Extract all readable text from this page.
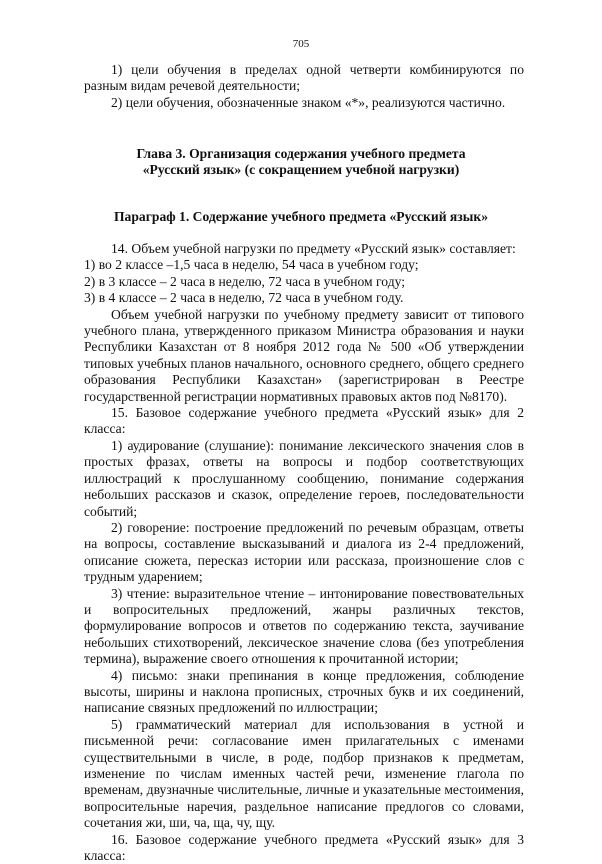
705

1) цели обучения в пределах одной четверти комбинируются по разным видам речевой деятельности;

2) цели обучения, обозначенные знаком «*», реализуются частично.

Глава 3. Организация содержания учебного предмета
«Русский язык» (с сокращением учебной нагрузки)
Параграф 1. Содержание учебного предмета «Русский язык»

14. Объем учебной нагрузки по предмету «Русский язык» составляет:

1) во 2 классе –1,5 часа в неделю, 54 часа в учебном году;

2) в 3 классе – 2 часа в неделю, 72 часа в учебном году;

3) в 4 классе – 2 часа в неделю, 72 часа в учебном году.

Объем учебной нагрузки по учебному предмету зависит от типового учебного плана, утвержденного приказом Министра образования и науки Республики Казахстан от 8 ноября 2012 года № 500 «Об утверждении типовых учебных планов начального, основного среднего, общего среднего образования Республики Казахстан» (зарегистрирован в Реестре государственной регистрации нормативных правовых актов под №8170).

15. Базовое содержание учебного предмета «Русский язык» для 2 класса:

1) аудирование (слушание): понимание лексического значения слов в простых фразах, ответы на вопросы и подбор соответствующих иллюстраций к прослушанному сообщению, понимание содержания небольших рассказов и сказок, определение героев, последовательности событий;

2) говорение: построение предложений по речевым образцам, ответы на вопросы, составление высказываний и диалога из 2-4 предложений, описание сюжета, пересказ истории или рассказа, произношение слов с трудным ударением;

3) чтение: выразительное чтение – интонирование повествовательных и вопросительных предложений, жанры различных текстов, формулирование вопросов и ответов по содержанию текста, заучивание небольших стихотворений, лексическое значение слова (без употребления термина), выражение своего отношения к прочитанной истории;

4) письмо: знаки препинания в конце предложения, соблюдение высоты, ширины и наклона прописных, строчных букв и их соединений, написание связных предложений по иллюстрации;

5) грамматический материал для использования в устной и письменной речи: согласование имен прилагательных с именами существительными в числе, в роде, подбор признаков к предметам, изменение по числам именных частей речи, изменение глагола по временам, двузначные числительные, личные и указательные местоимения, вопросительные наречия, раздельное написание предлогов со словами, сочетания жи, ши, ча, ща, чу, щу.

16. Базовое содержание учебного предмета «Русский язык» для 3 класса:
